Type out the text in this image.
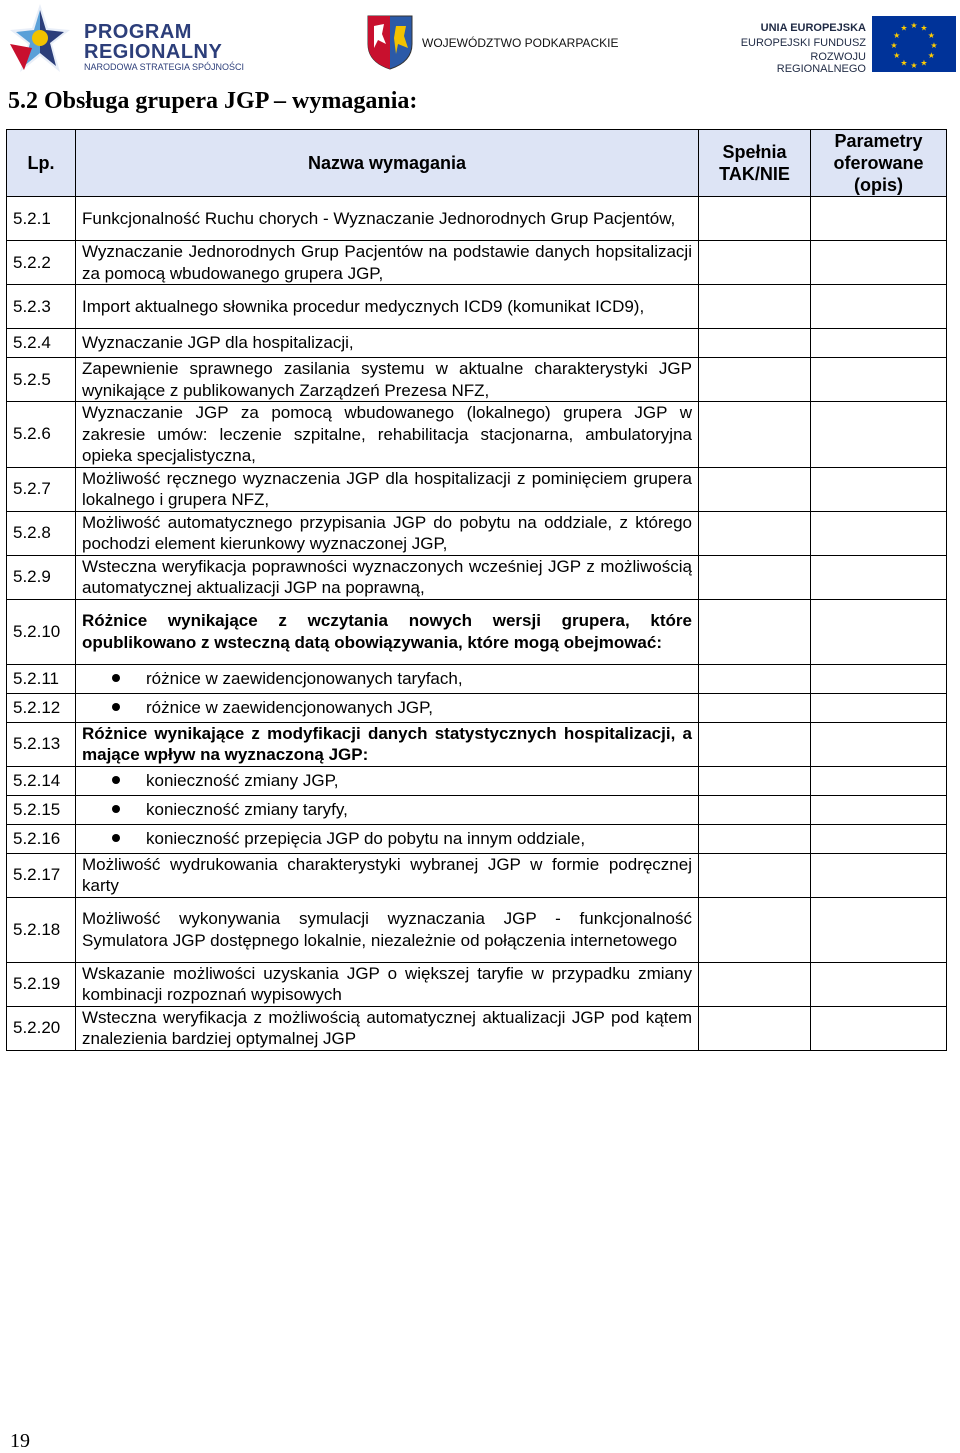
PROGRAM
REGIONALNY
NARODOWA STRATEGIA SPÓJNOŚCI
WOJEWÓDZTWO PODKARPACKIE
UNIA EUROPEJSKA
EUROPEJSKI FUNDUSZ
ROZWOJU REGIONALNEGO
★ ★
★
★
★
★
★
★
★
★
★
★
5.2 Obsługa grupera JGP – wymagania:
Lp.	Nazwa wymagania	Spełnia TAK/NIE	Parametry oferowane (opis)
5.2.1	Funkcjonalność Ruchu chorych - Wyznaczanie Jednorodnych Grup Pacjentów,		
5.2.2	Wyznaczanie Jednorodnych Grup Pacjentów na podstawie danych hopsitalizacji za pomocą wbudowanego grupera JGP,		
5.2.3	Import aktualnego słownika procedur medycznych ICD9 (komunikat ICD9),		
5.2.4	Wyznaczanie JGP dla hospitalizacji,		
5.2.5	Zapewnienie sprawnego zasilania systemu w aktualne charakterystyki JGP wynikające z publikowanych Zarządzeń Prezesa NFZ,		
5.2.6	Wyznaczanie JGP za pomocą wbudowanego (lokalnego) grupera JGP w zakresie umów: leczenie szpitalne, rehabilitacja stacjonarna, ambulatoryjna opieka specjalistyczna,		
5.2.7	Możliwość ręcznego wyznaczenia JGP dla hospitalizacji z pominięciem grupera lokalnego i grupera NFZ,		
5.2.8	Możliwość automatycznego przypisania JGP do pobytu na oddziale, z którego pochodzi element kierunkowy wyznaczonej JGP,		
5.2.9	Wsteczna weryfikacja poprawności wyznaczonych wcześniej JGP z możliwością automatycznej aktualizacji JGP na poprawną,		
5.2.10	Różnice wynikające z wczytania nowych wersji grupera, które opublikowano z wsteczną datą obowiązywania, które mogą obejmować:		
5.2.11	różnice w zaewidencjonowanych taryfach,		
5.2.12	różnice w zaewidencjonowanych JGP,		
5.2.13	Różnice wynikające z modyfikacji danych statystycznych hospitalizacji, a mające wpływ na wyznaczoną JGP:		
5.2.14	konieczność zmiany JGP,		
5.2.15	konieczność zmiany taryfy,		
5.2.16	konieczność przepięcia JGP do pobytu na innym oddziale,		
5.2.17	Możliwość wydrukowania charakterystyki wybranej JGP w formie podręcznej karty		
5.2.18	Możliwość wykonywania symulacji wyznaczania JGP - funkcjonalność Symulatora JGP dostępnego lokalnie, niezależnie od połączenia internetowego		
5.2.19	Wskazanie możliwości uzyskania JGP o większej taryfie w przypadku zmiany kombinacji rozpoznań wypisowych		
5.2.20	Wsteczna weryfikacja z możliwością automatycznej aktualizacji JGP pod kątem znalezienia bardziej optymalnej JGP		
19
